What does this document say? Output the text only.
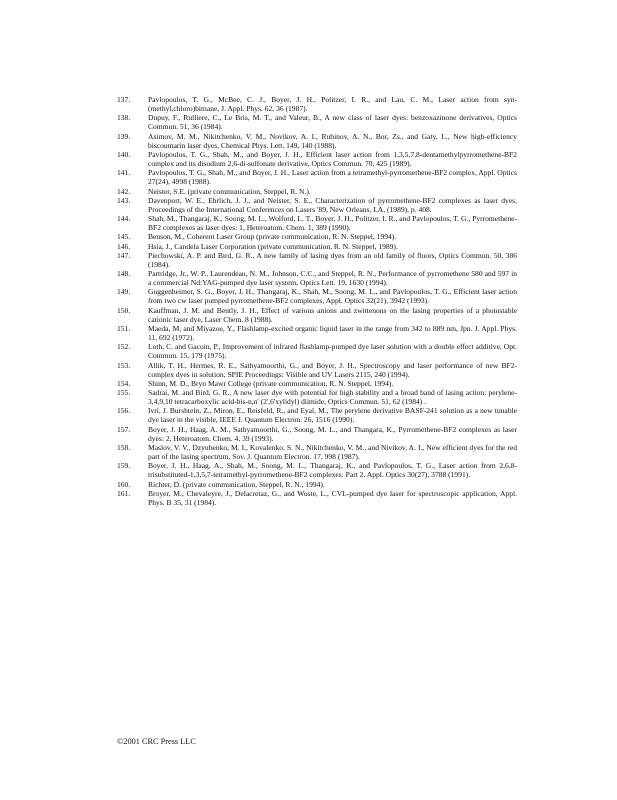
137.	Pavlopoulos, T. G., McBee, C. J., Boyer, J. H., Politzer, I. R., and Lau, C. M., Laser action from syn-(methyl,chloro)bimane, J. Appl. Phys. 62, 36 (1987).
138.	Dupuy, F., Rulliere, C., Le Bris, M. T., and Valeur, B., A new class of laser dyes: benzoxazinone derivatives, Optics Commun. 51, 36 (1984).
139.	Asimov, M. M., Nikitchenko, V. M., Novikov, A. I., Rubinov, A. N., Bor, Zs., and Gaty, L., New high-efficiency biscoumarin laser dyes, Chemical Phys. Lett. 149, 140 (1988).
140.	Pavlopoulos, T. G., Shah, M., and Boyer, J. H., Efficient laser action from 1,3,5,7,8-dentamethylpyrromethene-BF2 complex and its disodium 2,6-di-sulfonate derivative, Optics Commun. 70, 425 (1989).
141.	Pavlopoulos, T. G., Shah, M., and Boyer, J. H., Laser action from a tetramethyl-pyrromethene-BF2 complex, Appl. Optics 27(24), 4998 (1988).
142.	Neister, S.E. (private communication, Steppel, R. N.).
143.	Davenport, W. E., Ehrlich, J. J., and Neister, S. E., Characterization of pyrromethene-BF2 complexes as laser dyes, Proceedings of the International Conferences on Lasers '89, New Orleans, LA, (1989), p. 408.
144.	Shah, M., Thangaraj, K., Soong, M. L., Wolford, L. T., Boyer, J. H., Politzer, I. R., and Pavlopoulos, T. G., Pyrromethene-BF2 complexes as laser dyes: 1, Heteroatom. Chem. 1, 389 (1990).
145.	Benson, M., Coherent Laser Group (private communication, R. N. Steppel, 1994).
146.	Hsia, J., Candela Laser Corporation (private communication, R. N. Steppel, 1989).
147.	Piechowski, A. P. and Bird, G. R., A new family of lasing dyes from an old family of fluors, Optics Commun. 50, 386 (1984).
148.	Partridge, Jr., W. P., Laurendeau, N. M., Johnson, C.C., and Steppel, R. N., Performance of pyrromethene 580 and 597 in a commercial Nd:YAG-pumped dye laser system, Optics Lett. 19, 1630 (1994).
149.	Guggenheimer, S. G., Boyer, J. H., Thangaraj, K., Shah, M., Soong, M. L., and Pavlopoulos, T. G., Efficient laser action from two cw laser pumped pyrromethene-BF2 complexes, Appl. Optics 32(21), 3942 (1993).
150.	Kauffman, J. M. and Bently, J. H., Effect of various anions and zwittenons on the lasing properties of a photostable cationic laser dye, Laser Chem. 8 (1988).
151.	Maeda, M. and Miyazoe, Y., Flashlamp-excited organic liquid laser in the range from 342 to 889 nm, Jpn. J. Appl. Phys. 11, 692 (1972).
152.	Loth, C. and Gacoin, P., Improvement of infrared flashlamp-pumped dye laser solution with a double effect additive, Opt. Commun. 15, 179 (1975).
153.	Allik, T. H., Hermes, R. E., Sathyamoorthi, G., and Boyer, J. H., Spectroscopy and laser performance of new BF2-complex dyes in solution, SPIE Proceedings: Visible and UV Lasers 2115, 240 (1994).
154.	Shinn, M. D., Bryn Mawr College (private communication, R. N. Steppel, 1994).
155.	Sadrai, M. and Bird, G. R., A new laser dye with potential for high stability and a broad band of lasing action: perylene-3,4,9,10 tetracarboxylic acid-bis-n,n' (2',6'xylidyl) diimide, Optics Commun. 51, 62 (1984) .
156.	Ivri, J. Burshtein, Z., Miron, E., Reisfeld, R., and Eyal, M., The perylene derivative BASF-241 solution as a new tunable dye laser in the visible, IEEE J. Quantum Electron. 26, 1516 (1990).
157.	Boyer, J. H., Haag, A. M., Sathyamoorthi, G., Soong, M. L., and Thangara, K., Pyrromethene-BF2 complexes as laser dyes: 2, Heteroatom. Chem. 4, 39 (1993).
158.	Maslov, V. V., Dzyubenko, M. I., Kovalenko, S. N., Nikitchenko, V. M., and Nivikov, A. I., New efficient dyes for the red part of the lasing spectrum, Sov. J. Quantum Electron. 17, 998 (1987).
159.	Boyer, J. H., Haag, A., Shah, M., Soong, M. L., Thangaraj, K., and Pavlopoulos, T. G., Laser action from 2,6,8-trisubstituted-1,3,5,7-tetramethyl-pyrromethene-BF2 complexes: Part 2, Appl. Optics 30(27), 3788 (1991).
160.	Richter, D. (private communication, Steppel, R. N., 1994).
161.	Broyer, M., Chevaleyre, J., Delacretaz, G., and Woste, L., CVL-pumped dye laser for spectroscopic application, Appl. Phys. B 35, 31 (1984).
©2001 CRC Press LLC
